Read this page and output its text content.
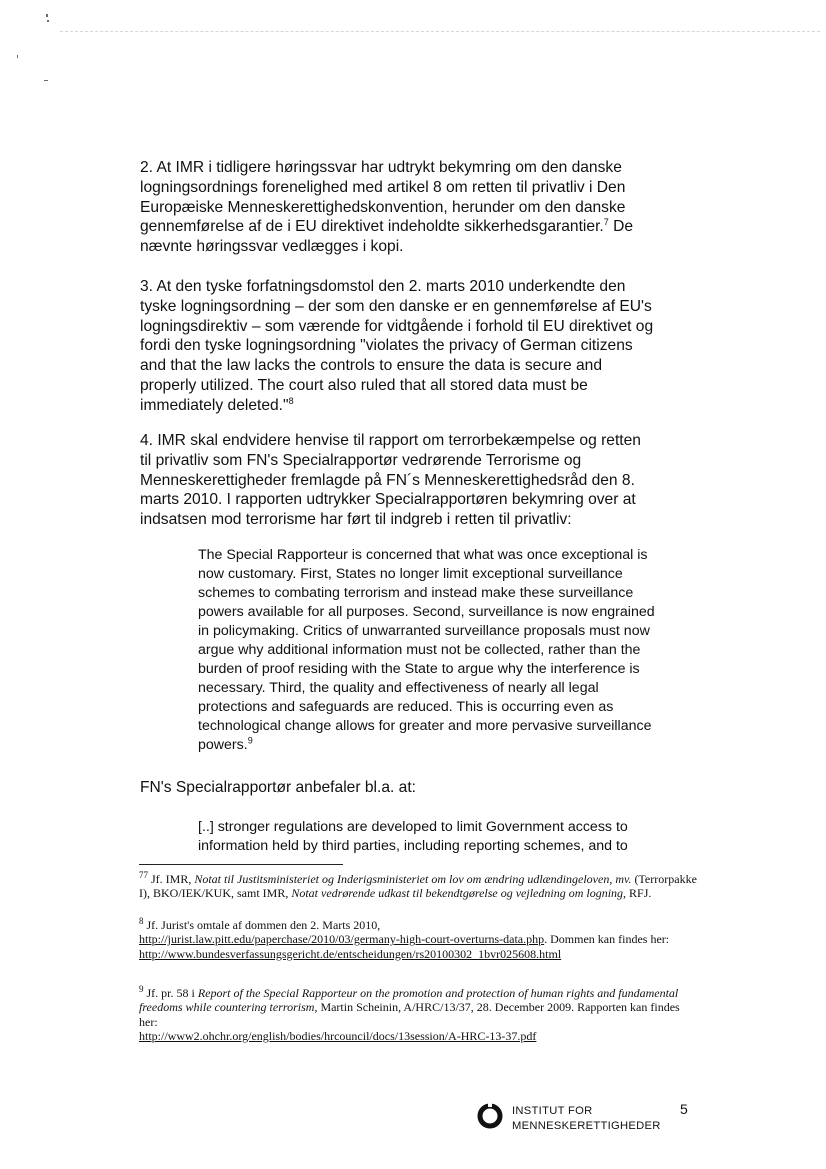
2. At IMR i tidligere høringssvar har udtrykt bekymring om den danske
logningsordnings forenelighed med artikel 8 om retten til privatliv i Den
Europæiske Menneskerettighedskonvention, herunder om den danske
gennemførelse af de i EU direktivet indeholdte sikkerhedsgarantier.$^7$ De
nævnte høringssvar vedlægges i kopi.
3. At den tyske forfatningsdomstol den 2. marts 2010 underkendte den
tyske logningsordning – der som den danske er en gennemførelse af EU's
logningsdirektiv – som værende for vidtgående i forhold til EU direktivet og
fordi den tyske logningsordning "violates the privacy of German citizens
and that the law lacks the controls to ensure the data is secure and
properly utilized. The court also ruled that all stored data must be
immediately deleted."$^8$
4. IMR skal endvidere henvise til rapport om terrorbekæmpelse og retten
til privatliv som FN's Specialrapportør vedrørende Terrorisme og
Menneskerettigheder fremlagde på FN´s Menneskerettighedsråd den 8.
marts 2010. I rapporten udtrykker Specialrapportøren bekymring over at
indsatsen mod terrorisme har ført til indgreb i retten til privatliv:
The Special Rapporteur is concerned that what was once exceptional is
now customary. First, States no longer limit exceptional surveillance
schemes to combating terrorism and instead make these surveillance
powers available for all purposes. Second, surveillance is now engrained
in policymaking. Critics of unwarranted surveillance proposals must now
argue why additional information must not be collected, rather than the
burden of proof residing with the State to argue why the interference is
necessary. Third, the quality and effectiveness of nearly all legal
protections and safeguards are reduced. This is occurring even as
technological change allows for greater and more pervasive surveillance
powers.$^9$
FN's Specialrapportør anbefaler bl.a. at:
[..] stronger regulations are developed to limit Government access to
information held by third parties, including reporting schemes, and to

$^{77}$ Jf. IMR, Notat til Justitsministeriet og Inderigsministeriet om lov om ændring udlændingeloven, mv. (Terrorpakke I), BKO/IEK/KUK, samt IMR, Notat vedrørende udkast til bekendtgørelse og vejledning om logning, RFJ.

$^8$ Jf. Jurist's omtale af dommen den 2. Marts 2010,
http://jurist.law.pitt.edu/paperchase/2010/03/germany-high-court-overturns-data.php. Dommen kan findes her:
http://www.bundesverfassungsgericht.de/entscheidungen/rs20100302_1bvr025608.html

$^9$ Jf. pr. 58 i Report of the Special Rapporteur on the promotion and protection of human rights and fundamental freedoms while countering terrorism, Martin Scheinin, A/HRC/13/37, 28. December 2009. Rapporten kan findes her:
http://www2.ohchr.org/english/bodies/hrcouncil/docs/13session/A-HRC-13-37.pdf

INSTITUT FOR
MENNESKERETTIGHEDER
5
